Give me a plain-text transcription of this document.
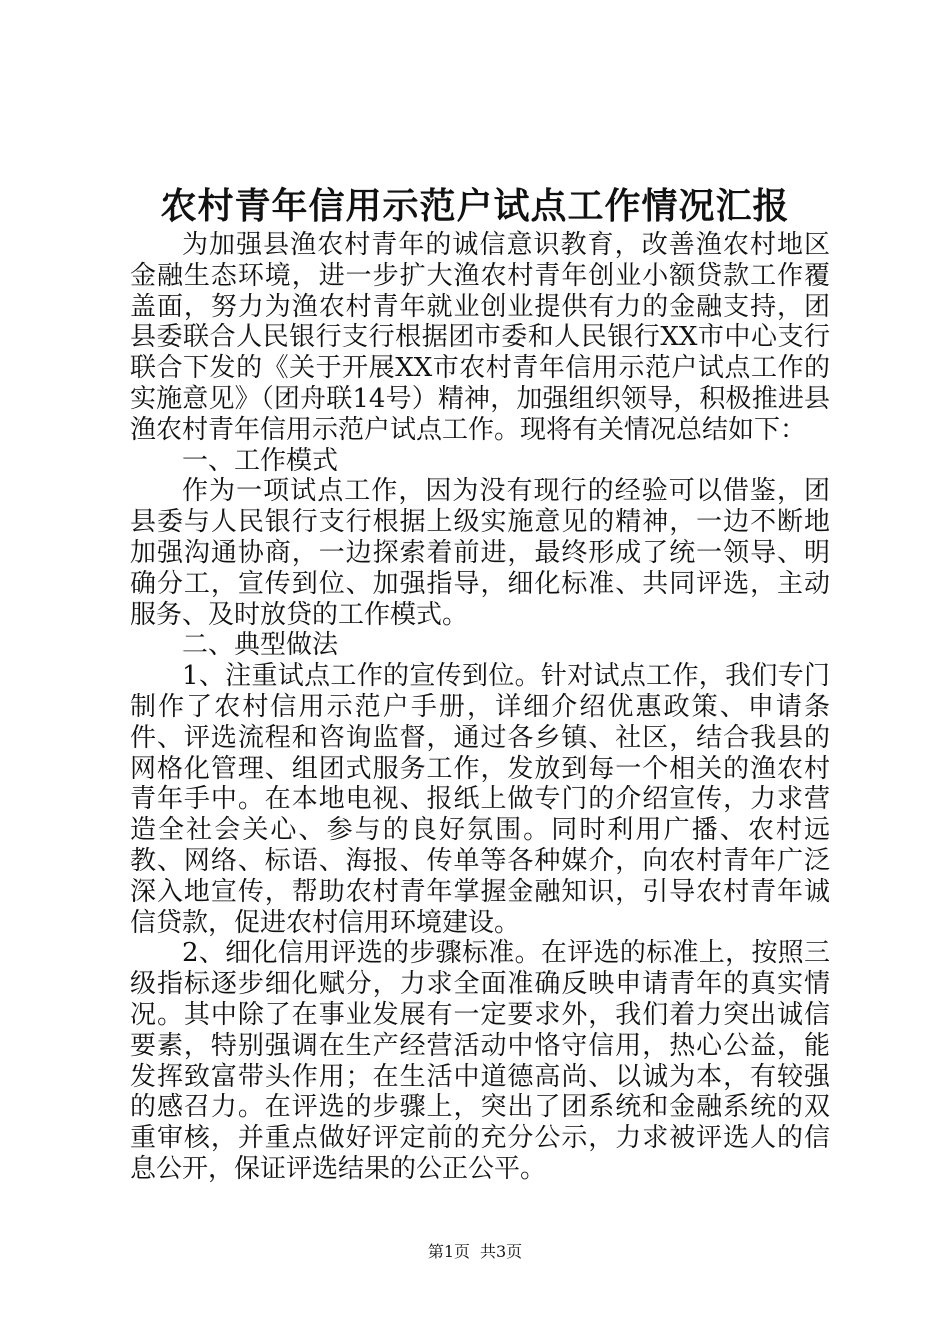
农村青年信用示范户试点工作情况汇报

为加强县渔农村青年的诚信意识教育，改善渔农村地区金融生态环境，进一步扩大渔农村青年创业小额贷款工作覆盖面，努力为渔农村青年就业创业提供有力的金融支持，团县委联合人民银行支行根据团市委和人民银行XX市中心支行联合下发的《关于开展XX市农村青年信用示范户试点工作的实施意见》（团舟联14号）精神，加强组织领导，积极推进县渔农村青年信用示范户试点工作。现将有关情况总结如下：

一、工作模式

作为一项试点工作，因为没有现行的经验可以借鉴，团县委与人民银行支行根据上级实施意见的精神，一边不断地加强沟通协商，一边探索着前进，最终形成了统一领导、明确分工，宣传到位、加强指导，细化标准、共同评选，主动服务、及时放贷的工作模式。

二、典型做法

1、注重试点工作的宣传到位。针对试点工作，我们专门制作了农村信用示范户手册，详细介绍优惠政策、申请条件、评选流程和咨询监督，通过各乡镇、社区，结合我县的网格化管理、组团式服务工作，发放到每一个相关的渔农村青年手中。在本地电视、报纸上做专门的介绍宣传，力求营造全社会关心、参与的良好氛围。同时利用广播、农村远教、网络、标语、海报、传单等各种媒介，向农村青年广泛深入地宣传，帮助农村青年掌握金融知识，引导农村青年诚信贷款，促进农村信用环境建设。

2、细化信用评选的步骤标准。在评选的标准上，按照三级指标逐步细化赋分，力求全面准确反映申请青年的真实情况。其中除了在事业发展有一定要求外，我们着力突出诚信要素，特别强调在生产经营活动中恪守信用，热心公益，能发挥致富带头作用；在生活中道德高尚、以诚为本，有较强的感召力。在评选的步骤上，突出了团系统和金融系统的双重审核，并重点做好评定前的充分公示，力求被评选人的信息公开，保证评选结果的公正公平。

第1页 共3页
